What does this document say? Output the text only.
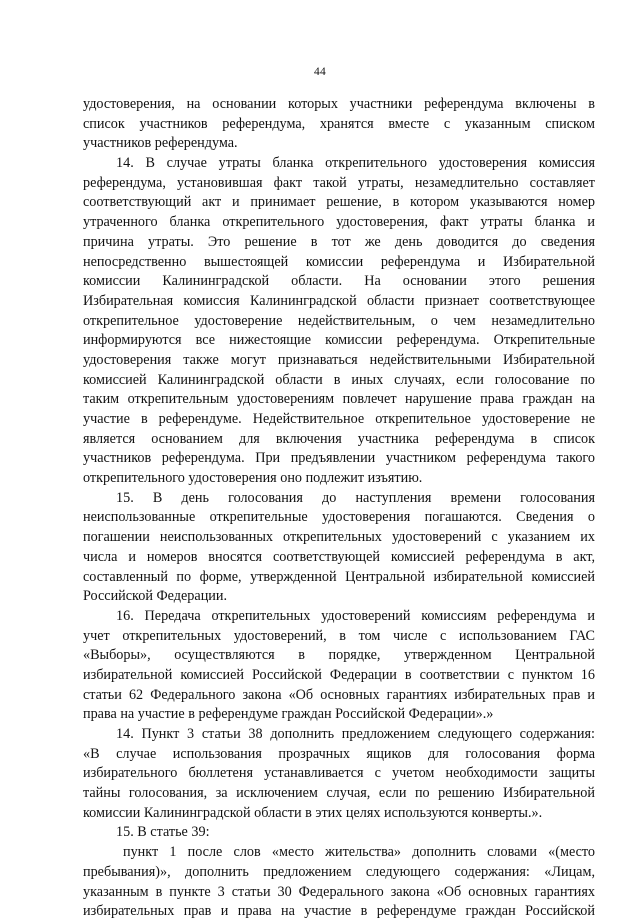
44
удостоверения, на основании которых участники референдума включены в
список участников референдума, хранятся вместе с указанным списком
участников референдума.
14. В случае утраты бланка открепительного удостоверения комиссия
референдума, установившая факт такой утраты, незамедлительно составляет
соответствующий акт и принимает решение, в котором указываются номер
утраченного бланка открепительного удостоверения, факт утраты бланка и
причина утраты. Это решение в тот же день доводится до сведения
непосредственно вышестоящей комиссии референдума и Избирательной
комиссии Калининградской области. На основании этого решения
Избирательная комиссия Калининградской области признает соответствующее
открепительное удостоверение недействительным, о чем незамедлительно
информируются все нижестоящие комиссии референдума. Открепительные
удостоверения также могут признаваться недействительными Избирательной
комиссией Калининградской области в иных случаях, если голосование по
таким открепительным удостоверениям повлечет нарушение права граждан на
участие в референдуме. Недействительное открепительное удостоверение не
является основанием для включения участника референдума в список
участников референдума. При предъявлении участником референдума такого
открепительного удостоверения оно подлежит изъятию.
15. В день голосования до наступления времени голосования
неиспользованные открепительные удостоверения погашаются. Сведения о
погашении неиспользованных открепительных удостоверений с указанием их
числа и номеров вносятся соответствующей комиссией референдума в акт,
составленный по форме, утвержденной Центральной избирательной комиссией
Российской Федерации.
16. Передача открепительных удостоверений комиссиям референдума и
учет открепительных удостоверений, в том числе с использованием ГАС
«Выборы», осуществляются в порядке, утвержденном Центральной
избирательной комиссией Российской Федерации в соответствии с пунктом 16
статьи 62 Федерального закона «Об основных гарантиях избирательных прав и
права на участие в референдуме граждан Российской Федерации».»
14. Пункт 3 статьи 38 дополнить предложением следующего содержания:
«В случае использования прозрачных ящиков для голосования форма
избирательного бюллетеня устанавливается с учетом необходимости защиты
тайны голосования, за исключением случая, если по решению Избирательной
комиссии Калининградской области в этих целях используются конверты.».
15. В статье 39:
пункт 1 после слов «место жительства» дополнить словами «(место
пребывания)», дополнить предложением следующего содержания: «Лицам,
указанным в пункте 3 статьи 30 Федерального закона «Об основных гарантиях
избирательных прав и права на участие в референдуме граждан Российской
